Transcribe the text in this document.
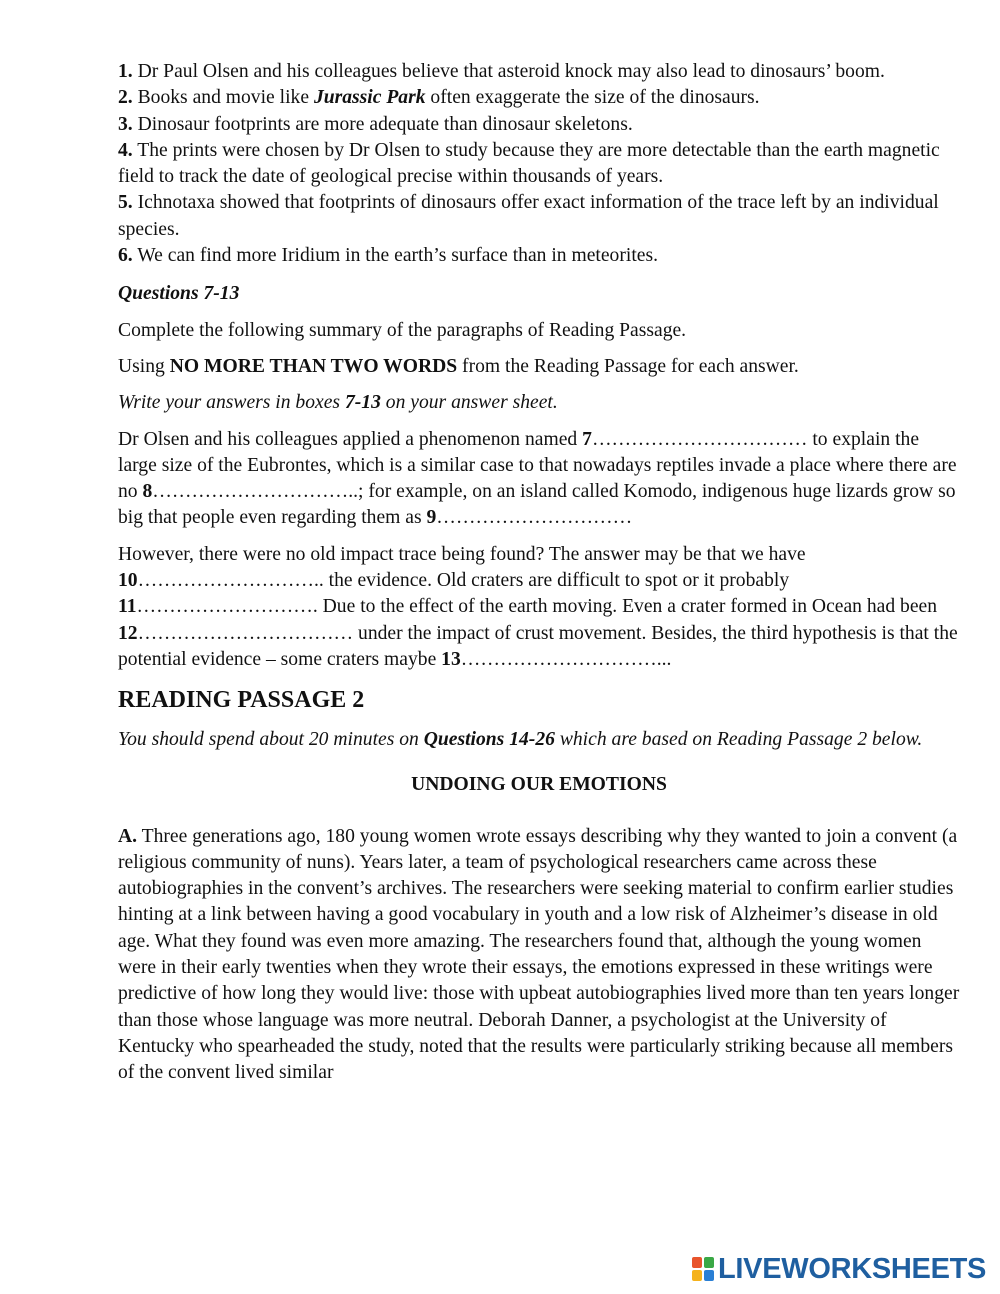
1. Dr Paul Olsen and his colleagues believe that asteroid knock may also lead to dinosaurs’ boom.

2. Books and movie like Jurassic Park often exaggerate the size of the dinosaurs.

3. Dinosaur footprints are more adequate than dinosaur skeletons.

4. The prints were chosen by Dr Olsen to study because they are more detectable than the earth magnetic field to track the date of geological precise within thousands of years.

5. Ichnotaxa showed that footprints of dinosaurs offer exact information of the trace left by an individual species.

6. We can find more Iridium in the earth’s surface than in meteorites.

Questions 7-13

Complete the following summary of the paragraphs of Reading Passage.

Using NO MORE THAN TWO WORDS from the Reading Passage for each answer.

Write your answers in boxes 7-13 on your answer sheet.

Dr Olsen and his colleagues applied a phenomenon named 7…………………………… to explain the large size of the Eubrontes, which is a similar case to that nowadays reptiles invade a place where there are no 8…………………………..; for example, on an island called Komodo, indigenous huge lizards grow so big that people even regarding them as 9…………………………

However, there were no old impact trace being found? The answer may be that we have 10……………………….. the evidence. Old craters are difficult to spot or it probably 11………………………. Due to the effect of the earth moving. Even a crater formed in Ocean had been 12…………………………… under the impact of crust movement. Besides, the third hypothesis is that the potential evidence – some craters maybe 13…………………………...

READING PASSAGE 2

You should spend about 20 minutes on Questions 14-26 which are based on Reading Passage 2 below.

UNDOING OUR EMOTIONS

A. Three generations ago, 180 young women wrote essays describing why they wanted to join a convent (a religious community of nuns). Years later, a team of psychological researchers came across these autobiographies in the convent’s archives. The researchers were seeking material to confirm earlier studies hinting at a link between having a good vocabulary in youth and a low risk of Alzheimer’s disease in old age. What they found was even more amazing. The researchers found that, although the young women were in their early twenties when they wrote their essays, the emotions expressed in these writings were predictive of how long they would live: those with upbeat autobiographies lived more than ten years longer than those whose language was more neutral. Deborah Danner, a psychologist at the University of Kentucky who spearheaded the study, noted that the results were particularly striking because all members of the convent lived similar

LIVEWORKSHEETS
